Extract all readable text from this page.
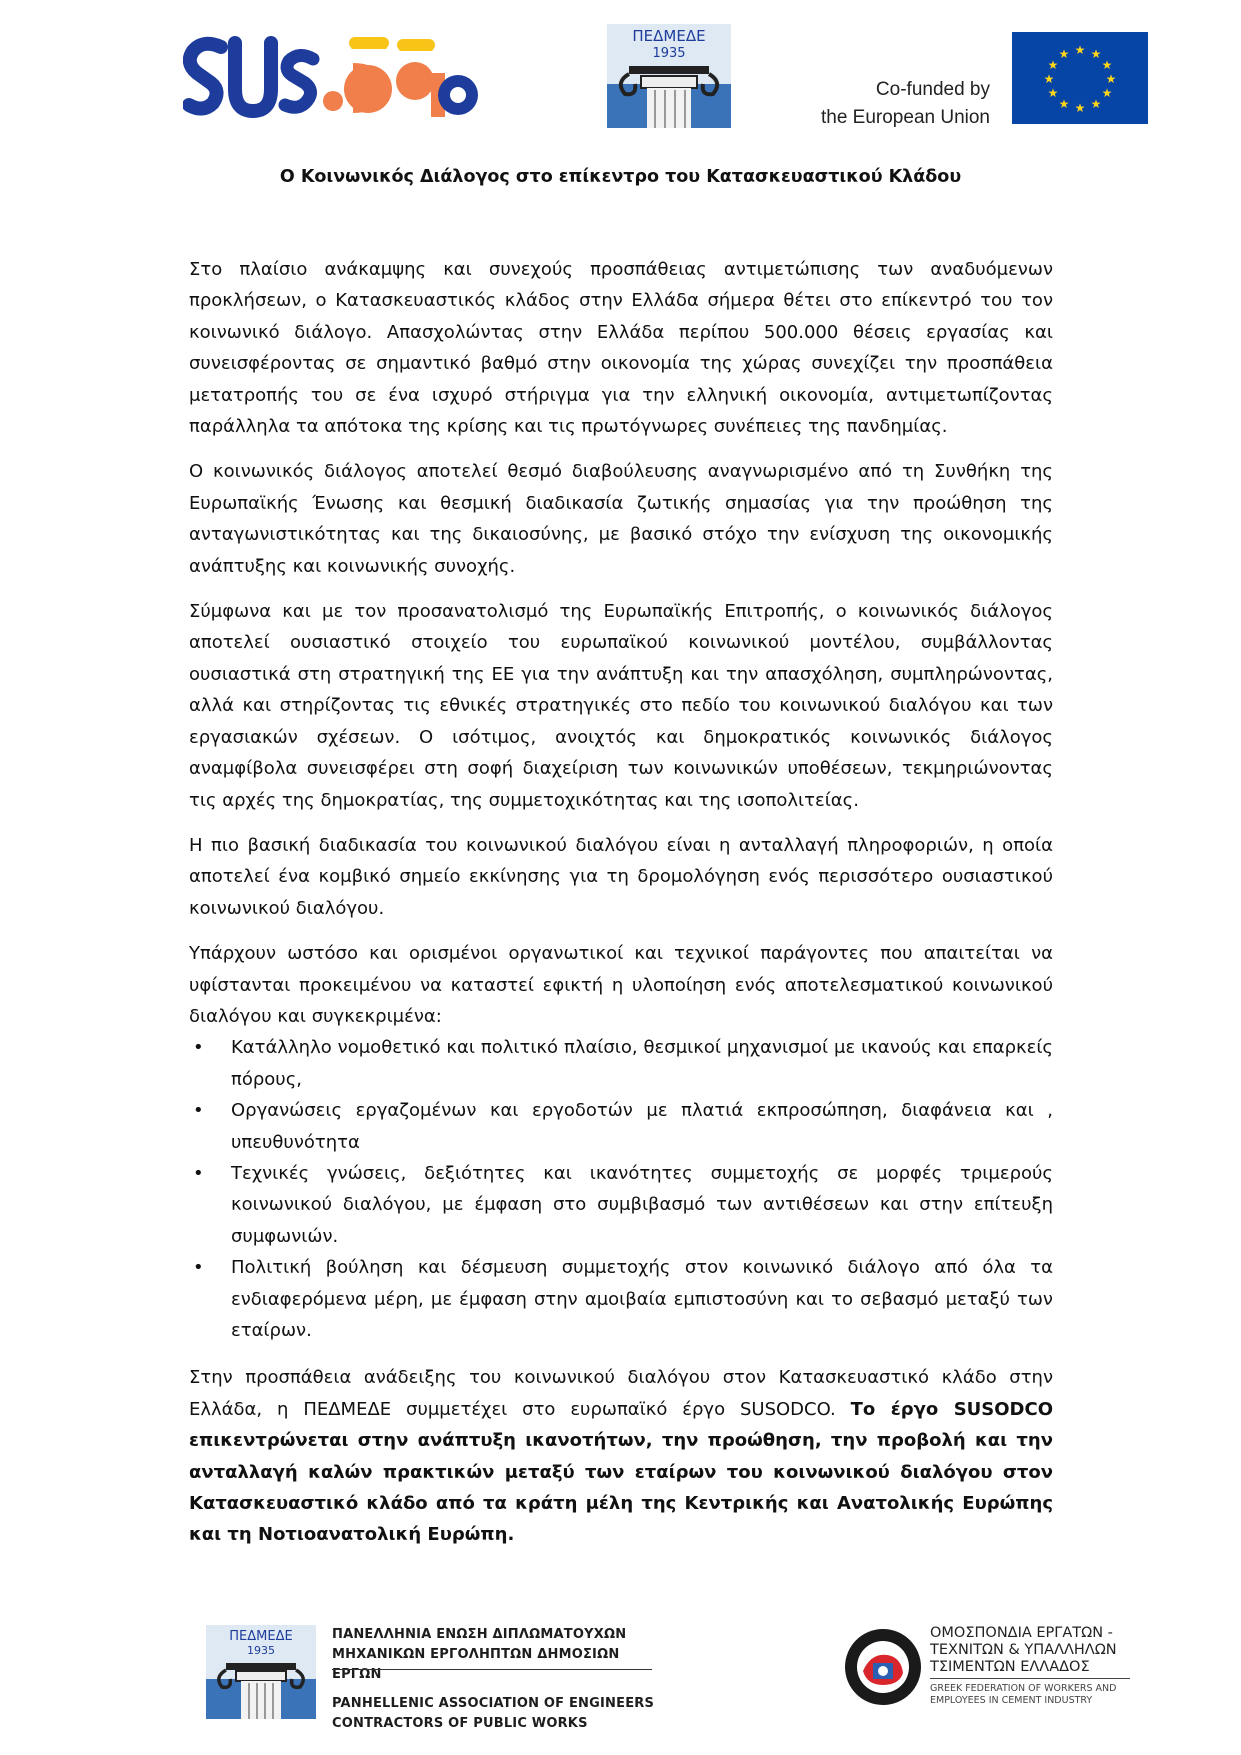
ΠΕΔΜΕΔΕ
1935
Co-funded by
the European Union
★ ★
★
★
★
★
★
★
★
★
★
★
Ο Κοινωνικός Διάλογος στο επίκεντρο του Κατασκευαστικού Κλάδου

Στο πλαίσιο ανάκαμψης και συνεχούς προσπάθειας αντιμετώπισης των αναδυόμενων προκλήσεων, ο Κατασκευαστικός κλάδος στην Ελλάδα σήμερα θέτει στο επίκεντρό του τον κοινωνικό διάλογο. Απασχολώντας στην Ελλάδα περίπου 500.000 θέσεις εργασίας και συνεισφέροντας σε σημαντικό βαθμό στην οικονομία της χώρας συνεχίζει την προσπάθεια μετατροπής του σε ένα ισχυρό στήριγμα για την ελληνική οικονομία, αντιμετωπίζοντας παράλληλα τα απότοκα της κρίσης και τις πρωτόγνωρες συνέπειες της πανδημίας.

Ο κοινωνικός διάλογος αποτελεί θεσμό διαβούλευσης αναγνωρισμένο από τη Συνθήκη της Ευρωπαϊκής Ένωσης και θεσμική διαδικασία ζωτικής σημασίας για την προώθηση της ανταγωνιστικότητας και της δικαιοσύνης, με βασικό στόχο την ενίσχυση της οικονομικής ανάπτυξης και κοινωνικής συνοχής.

Σύμφωνα και με τον προσανατολισμό της Ευρωπαϊκής Επιτροπής, ο κοινωνικός διάλογος αποτελεί ουσιαστικό στοιχείο του ευρωπαϊκού κοινωνικού μοντέλου, συμβάλλοντας ουσιαστικά στη στρατηγική της ΕΕ για την ανάπτυξη και την απασχόληση, συμπληρώνοντας, αλλά και στηρίζοντας τις εθνικές στρατηγικές στο πεδίο του κοινωνικού διαλόγου και των εργασιακών σχέσεων. Ο ισότιμος, ανοιχτός και δημοκρατικός κοινωνικός διάλογος αναμφίβολα συνεισφέρει στη σοφή διαχείριση των κοινωνικών υποθέσεων, τεκμηριώνοντας τις αρχές της δημοκρατίας, της συμμετοχικότητας και της ισοπολιτείας.

Η πιο βασική διαδικασία του κοινωνικού διαλόγου είναι η ανταλλαγή πληροφοριών, η οποία αποτελεί ένα κομβικό σημείο εκκίνησης για τη δρομολόγηση ενός περισσότερο ουσιαστικού κοινωνικού διαλόγου.

Υπάρχουν ωστόσο και ορισμένοι οργανωτικοί και τεχνικοί παράγοντες που απαιτείται να υφίστανται προκειμένου να καταστεί εφικτή η υλοποίηση ενός αποτελεσματικού κοινωνικού διαλόγου και συγκεκριμένα:

• Κατάλληλο νομοθετικό και πολιτικό πλαίσιο, θεσμικοί μηχανισμοί με ικανούς και επαρκείς πόρους,
• Οργανώσεις εργαζομένων και εργοδοτών με πλατιά εκπροσώπηση, διαφάνεια και , υπευθυνότητα
• Τεχνικές γνώσεις, δεξιότητες και ικανότητες συμμετοχής σε μορφές τριμερούς κοινωνικού διαλόγου, με έμφαση στο συμβιβασμό των αντιθέσεων και στην επίτευξη συμφωνιών.
• Πολιτική βούληση και δέσμευση συμμετοχής στον κοινωνικό διάλογο από όλα τα ενδιαφερόμενα μέρη, με έμφαση στην αμοιβαία εμπιστοσύνη και το σεβασμό μεταξύ των εταίρων.

Στην προσπάθεια ανάδειξης του κοινωνικού διαλόγου στον Κατασκευαστικό κλάδο στην Ελλάδα, η ΠΕΔΜΕΔΕ συμμετέχει στο ευρωπαϊκό έργο SUSODCO. Το έργο SUSODCO επικεντρώνεται στην ανάπτυξη ικανοτήτων, την προώθηση, την προβολή και την ανταλλαγή καλών πρακτικών μεταξύ των εταίρων του κοινωνικού διαλόγου στον Κατασκευαστικό κλάδο από τα κράτη μέλη της Κεντρικής και Ανατολικής Ευρώπης και τη Νοτιοανατολική Ευρώπη.

ΠΕΔΜΕΔΕ
1935
ΠΑΝΕΛΛΗΝΙΑ ΕΝΩΣΗ ΔΙΠΛΩΜΑΤΟΥΧΩΝ
ΜΗΧΑΝΙΚΩΝ ΕΡΓΟΛΗΠΤΩΝ ΔΗΜΟΣΙΩΝ ΕΡΓΩΝ
PANHELLENIC ASSOCIATION OF ENGINEERS
CONTRACTORS OF PUBLIC WORKS
ΟΜΟΣΠΟΝΔΙΑ ΕΡΓΑΤΩΝ -
ΤΕΧΝΙΤΩΝ & ΥΠΑΛΛΗΛΩΝ
ΤΣΙΜΕΝΤΩΝ ΕΛΛΑΔΟΣ
GREEK FEDERATION OF WORKERS AND
EMPLOYEES IN CEMENT INDUSTRY
